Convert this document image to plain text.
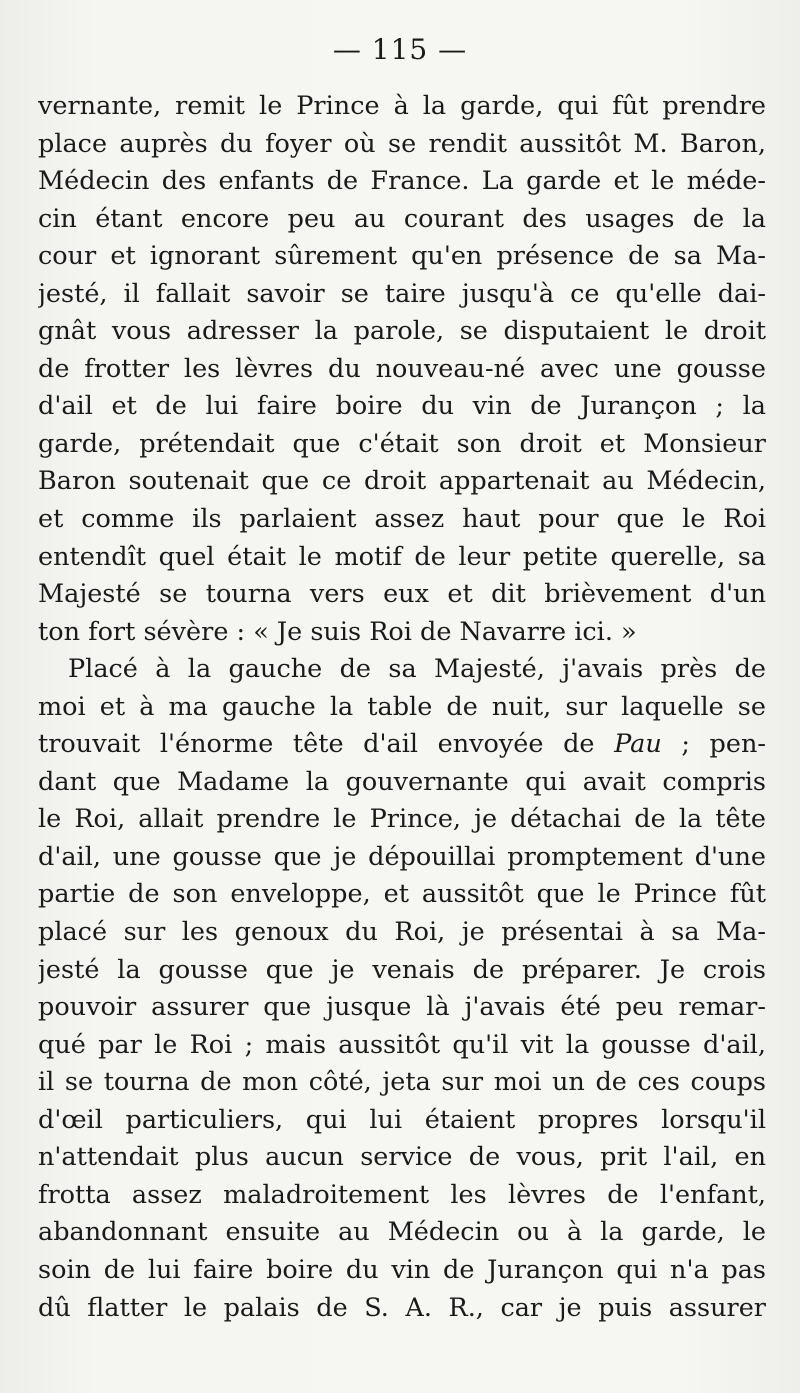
— 115 —
vernante, remit le Prince à la garde, qui fût prendre
place auprès du foyer où se rendit aussitôt M. Baron,
Médecin des enfants de France. La garde et le méde-
cin étant encore peu au courant des usages de la
cour et ignorant sûrement qu'en présence de sa Ma-
jesté, il fallait savoir se taire jusqu'à ce qu'elle dai-
gnât vous adresser la parole, se disputaient le droit
de frotter les lèvres du nouveau-né avec une gousse
d'ail et de lui faire boire du vin de Jurançon ; la
garde, prétendait que c'était son droit et Monsieur
Baron soutenait que ce droit appartenait au Médecin,
et comme ils parlaient assez haut pour que le Roi
entendît quel était le motif de leur petite querelle, sa
Majesté se tourna vers eux et dit brièvement d'un
ton fort sévère : « Je suis Roi de Navarre ici. »
Placé à la gauche de sa Majesté, j'avais près de
moi et à ma gauche la table de nuit, sur laquelle se
trouvait l'énorme tête d'ail envoyée de Pau ; pen-
dant que Madame la gouvernante qui avait compris
le Roi, allait prendre le Prince, je détachai de la tête
d'ail, une gousse que je dépouillai promptement d'une
partie de son enveloppe, et aussitôt que le Prince fût
placé sur les genoux du Roi, je présentai à sa Ma-
jesté la gousse que je venais de préparer. Je crois
pouvoir assurer que jusque là j'avais été peu remar-
qué par le Roi ; mais aussitôt qu'il vit la gousse d'ail,
il se tourna de mon côté, jeta sur moi un de ces coups
d'œil particuliers, qui lui étaient propres lorsqu'il
n'attendait plus aucun service de vous, prit l'ail, en
frotta assez maladroitement les lèvres de l'enfant,
abandonnant ensuite au Médecin ou à la garde, le
soin de lui faire boire du vin de Jurançon qui n'a pas
dû flatter le palais de S. A. R., car je puis assurer
